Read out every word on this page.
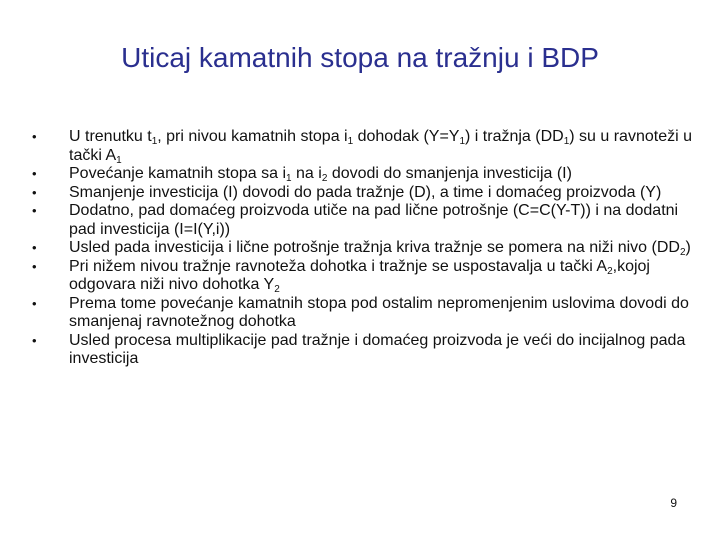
Uticaj kamatnih stopa na tražnju i BDP
•	U trenutku $t_1$, pri nivou kamatnih stopa $i_1$ dohodak $(Y=Y_1)$ i tražnja $(DD_1)$ su u ravnoteži u tački $A_1$
•	Povećanje kamatnih stopa sa $i_1$ na $i_2$ dovodi do smanjenja investicija (I)
•	Smanjenje investicija (I) dovodi do pada tražnje (D), a time i domaćeg proizvoda (Y)
•	Dodatno, pad domaćeg proizvoda utiče na pad lične potrošnje (C=C(Y-T)) i na dodatni pad investicija (I=I(Y,i))
•	Usled pada investicija i lične potrošnje tražnja kriva tražnje se pomera na niži nivo $(DD_2)$
•	Pri nižem nivou tražnje ravnoteža dohotka i tražnje se uspostavalja u tački $A_2,kojoj$ odgovara niži nivo dohotka $Y_2$
•	Prema tome povećanje kamatnih stopa pod ostalim nepromenjenim uslovima dovodi do smanjenaj ravnotežnog dohotka
•	Usled procesa multiplikacije pad tražnje i domaćeg proizvoda je veći do incijalnog pada investicija
9
